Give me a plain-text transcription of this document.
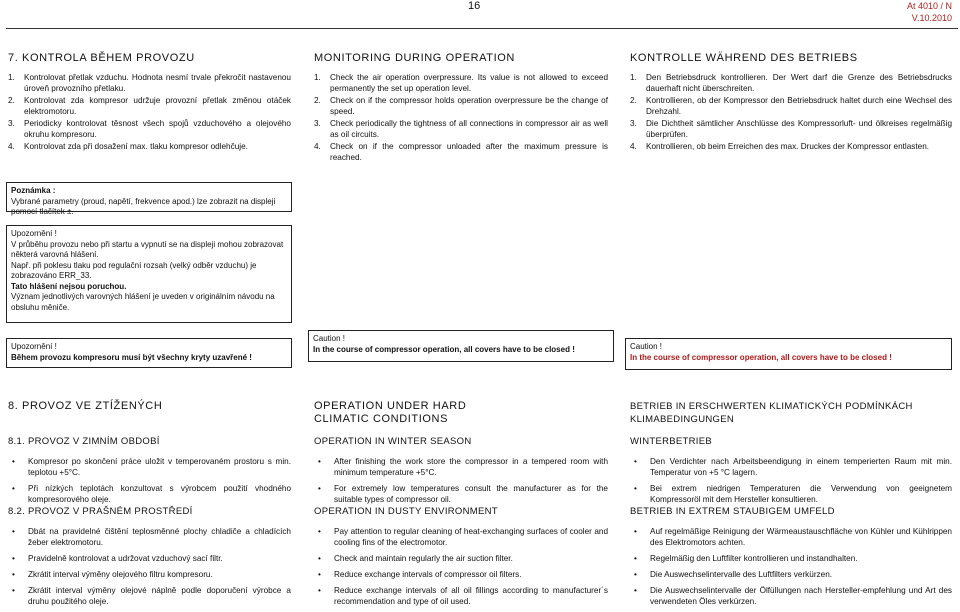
16	At 4010 / N
V.10.2010
7. KONTROLA BĚHEM PROVOZU
1. Kontrolovat přetlak vzduchu. Hodnota nesmí trvale překročit nastavenou úroveň provozního přetlaku.
2. Kontrolovat zda kompresor udržuje provozní přetlak změnou otáček elektromotoru.
3. Periodicky kontrolovat těsnost všech spojů vzduchového a olejového okruhu kompresoru.
4. Kontrolovat zda při dosažení max. tlaku kompresor odlehčuje.

Poznámka :

Vybrané parametry (proud, napětí, frekvence apod.) lze zobrazit na displeji pomocí tlačítek ±.

Upozornění !

V průběhu provozu nebo při startu a vypnutí se na displeji mohou zobrazovat některá varovná hlášení.

Např. při poklesu tlaku pod regulační rozsah (velký odběr vzduchu) je zobrazováno ERR_33.

Tato hlášení nejsou poruchou.

Význam jednotlivých varovných hlášení je uveden v originálním návodu na obsluhu měniče.

Upozornění !

Během provozu kompresoru musí být všechny kryty uzavřené !

8. PROVOZ VE ZTÍŽENÝCH
8.1. PROVOZ V ZIMNÍM OBDOBÍ
• Kompresor po skončení práce uložit v temperovaném prostoru s min. teplotou +5°C.
• Při nízkých teplotách konzultovat s výrobcem použití vhodného kompresorového oleje.
8.2. PROVOZ V PRAŠNÉM PROSTŘEDÍ
• Dbát na pravidelné čištění teplosměnné plochy chladiče a chladících žeber elektromotoru.
• Pravidelně kontrolovat a udržovat vzduchový sací filtr.
• Zkrátit interval výměny olejového filtru kompresoru.
• Zkrátit interval výměny olejové náplně podle doporučení výrobce a druhu použitého oleje.
MONITORING DURING OPERATION
1. Check the air operation overpressure. Its value is not allowed to exceed permanently the set up operation level.
2. Check on if the compressor holds operation overpressure be the change of speed.
3. Check periodically the tightness of all connections in compressor air as well as oil circuits.
4. Check on if the compressor unloaded after the maximum pressure is reached.

Caution !

In the course of compressor operation, all covers have to be closed !

OPERATION UNDER HARD
CLIMATIC CONDITIONS
OPERATION IN WINTER SEASON
• After finishing the work store the compressor in a tempered room with minimum temperature +5°C.
• For extremely low temperatures consult the manufacturer as for the suitable types of compressor oil.
OPERATION IN DUSTY ENVIRONMENT
• Pay attention to regular cleaning of heat-exchanging surfaces of cooler and cooling fins of the electromotor.
• Check and maintain regularly the air suction filter.
• Reduce exchange intervals of compressor oil filters.
• Reduce exchange intervals of all oil fillings according to manufacturer´s recommendation and type of oil used.
KONTROLLE WÄHREND DES BETRIEBS
1. Den Betriebsdruck kontrollieren. Der Wert darf die Grenze des Betriebsdrucks dauerhaft nicht überschreiten.
2. Kontrollieren, ob der Kompressor den Betriebsdruck haltet durch eine Wechsel des Drehzahl.
3. Die Dichtheit sämtlicher Anschlüsse des Kompressorluft- und ölkreises regelmäßig überprüfen.
4. Kontrollieren, ob beim Erreichen des max. Druckes der Kompressor entlasten.

Caution !

In the course of compressor operation, all covers have to be closed !

BETRIEB IN ERSCHWERTEN KLIMATICKÝCH PODMÍNKÁCH
KLIMABEDINGUNGEN
WINTERBETRIEB
• Den Verdichter nach Arbeitsbeendigung in einem temperierten Raum mit min. Temperatur von +5 °C lagern.
• Bei extrem niedrigen Temperaturen die Verwendung von geeignetem Kompressoröl mit dem Hersteller konsultieren.
BETRIEB IN EXTREM STAUBIGEM UMFELD
• Auf regelmäßige Reinigung der Wärmeaustauschfläche von Kühler und Kühlrippen des Elektromotors achten.
• Regelmäßig den Luftfilter kontrollieren und instandhalten.
• Die Auswechselintervalle des Luftfilters verkürzen.
• Die Auswechselintervalle der Ölfüllungen nach Hersteller-empfehlung und Art des verwendeten Öles verkürzen.
